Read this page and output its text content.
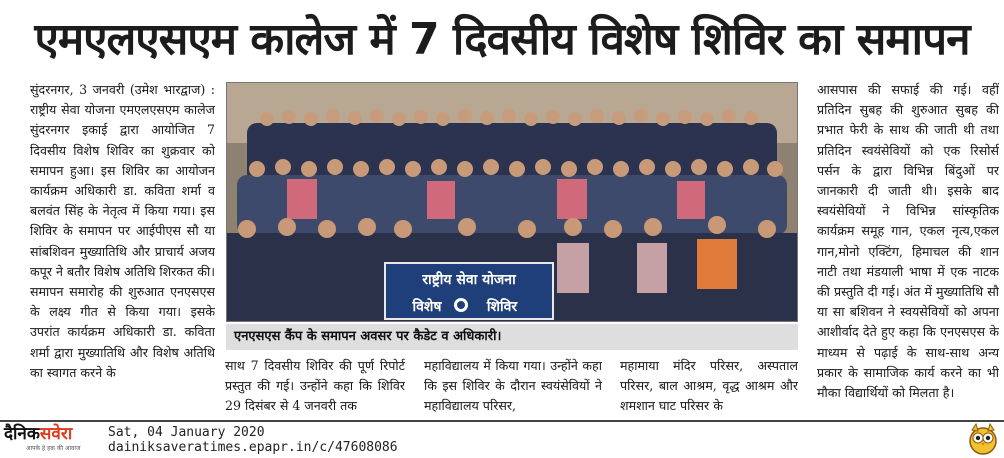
एमएलएसएम कालेज में 7 दिवसीय विशेष शिविर का समापन
सुंदरनगर, 3 जनवरी (उमेश भारद्वाज) : राष्ट्रीय सेवा योजना एमएलएसएम कालेज सुंदरनगर इकाई द्वारा आयोजित 7 दिवसीय विशेष शिविर का शुक्रवार को समापन हुआ। इस शिविर का आयोजन कार्यक्रम अधिकारी डा. कविता शर्मा व बलवंत सिंह के नेतृत्व में किया गया। इस शिविर के समापन पर आईपीएस सौ या सांबशिवन मुख्यातिथि और प्राचार्य अजय कपूर ने बतौर विशेष अतिथि शिरकत की। समापन समारोह की शुरुआत एनएसएस के लक्ष्य गीत से किया गया। इसके उपरांत कार्यक्रम अधिकारी डा. कविता शर्मा द्वारा मुख्यातिथि और विशेष अतिथि का स्वागत करने के
राष्ट्रीय सेवा योजना
विशेष	शिविर
एनएसएस कैंप के समापन अवसर पर कैडेट व अधिकारी।
साथ 7 दिवसीय शिविर की पूर्ण रिपोर्ट प्रस्तुत की गई। उन्होंने कहा कि शिविर 29 दिसंबर से 4 जनवरी तक
महाविद्यालय में किया गया। उन्होंने कहा कि इस शिविर के दौरान स्वयंसेवियों ने महाविद्यालय परिसर,
महामाया मंदिर परिसर, अस्पताल परिसर, बाल आश्रम, वृद्ध आश्रम और शमशान घाट परिसर के
आसपास की सफाई की गई। वहीं प्रतिदिन सुबह की शुरुआत सुबह की प्रभात फेरी के साथ की जाती थी तथा प्रतिदिन स्वयंसेवियों को एक रिसोर्स पर्सन के द्वारा विभिन्न बिंदुओं पर जानकारी दी जाती थी। इसके बाद स्वयंसेवियों ने विभिन्न सांस्कृतिक कार्यक्रम समूह गान, एकल नृत्य,एकल गान,मोनो एक्टिंग, हिमाचल की शान नाटी तथा मंडयाली भाषा में एक नाटक की प्रस्तुति दी गई। अंत में मुख्यातिथि सौ या सा बशिवन ने स्वयसेवियों को अपना आशीर्वाद देते हुए कहा कि एनएसएस के माध्यम से पढ़ाई के साथ-साथ अन्य प्रकार के सामाजिक कार्य करने का भी मौका विद्यार्थियों को मिलता है।
दैनिकसवेरा
आपके हे हक़ की आवाज
Sat, 04 January 2020
dainiksaveratimes.epapr.in/c/47608086
